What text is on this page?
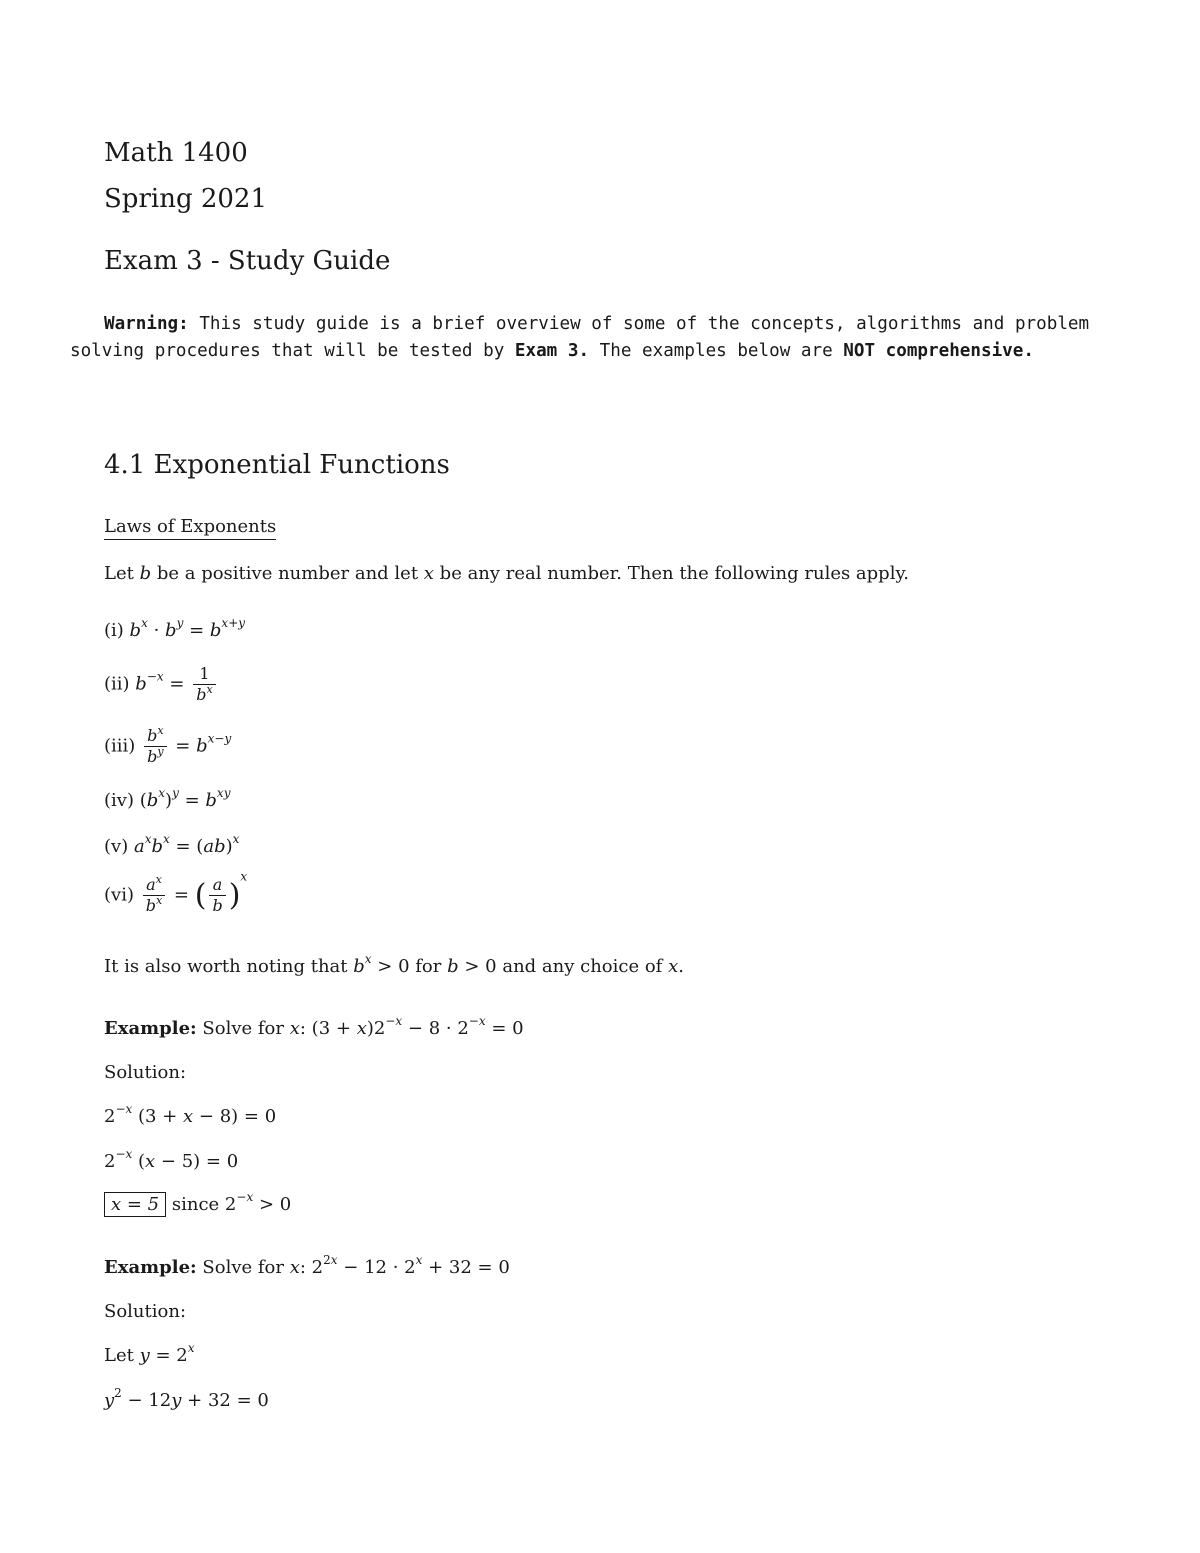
Math 1400
Spring 2021
Exam 3 - Study Guide
Warning: This study guide is a brief overview of some of the concepts, algorithms and problem
solving procedures that will be tested by Exam 3. The examples below are NOT comprehensive.
4.1 Exponential Functions
Laws of Exponents
Let b be a positive number and let x be any real number. Then the following rules apply.
(i) $b^x \cdot b^y = b^{x+y}$
(ii) $b^{-x} = \frac{1}{b^x}$
$(iii) \frac{b^x}{b^y} = b^{x-y}$
(iv) $(b^x)^y = b^{xy}$
(v) $a^xb^x = (ab)^x$
$(vi) \frac{a^x}{b^x}$ = ( $\frac{a}{b} )^x$
It is also worth noting that $b^x > 0$ for b > 0 and any choice of x.
Example: Solve for x: $(3 + x)2^{-x} - 8 \cdot 2^{-x} = 0$
Solution:
$2^{-x}$ (3 + x − 8) = 0
$2^{-x}$ (x − 5) = 0
x = 5 since $2^{-x} > 0$
Example: Solve for x: $2^{2x} - 12 \cdot 2^x + 32 = 0$
Solution:
Let $y = 2^x$
$y^2 - 12y + 32 = 0$
